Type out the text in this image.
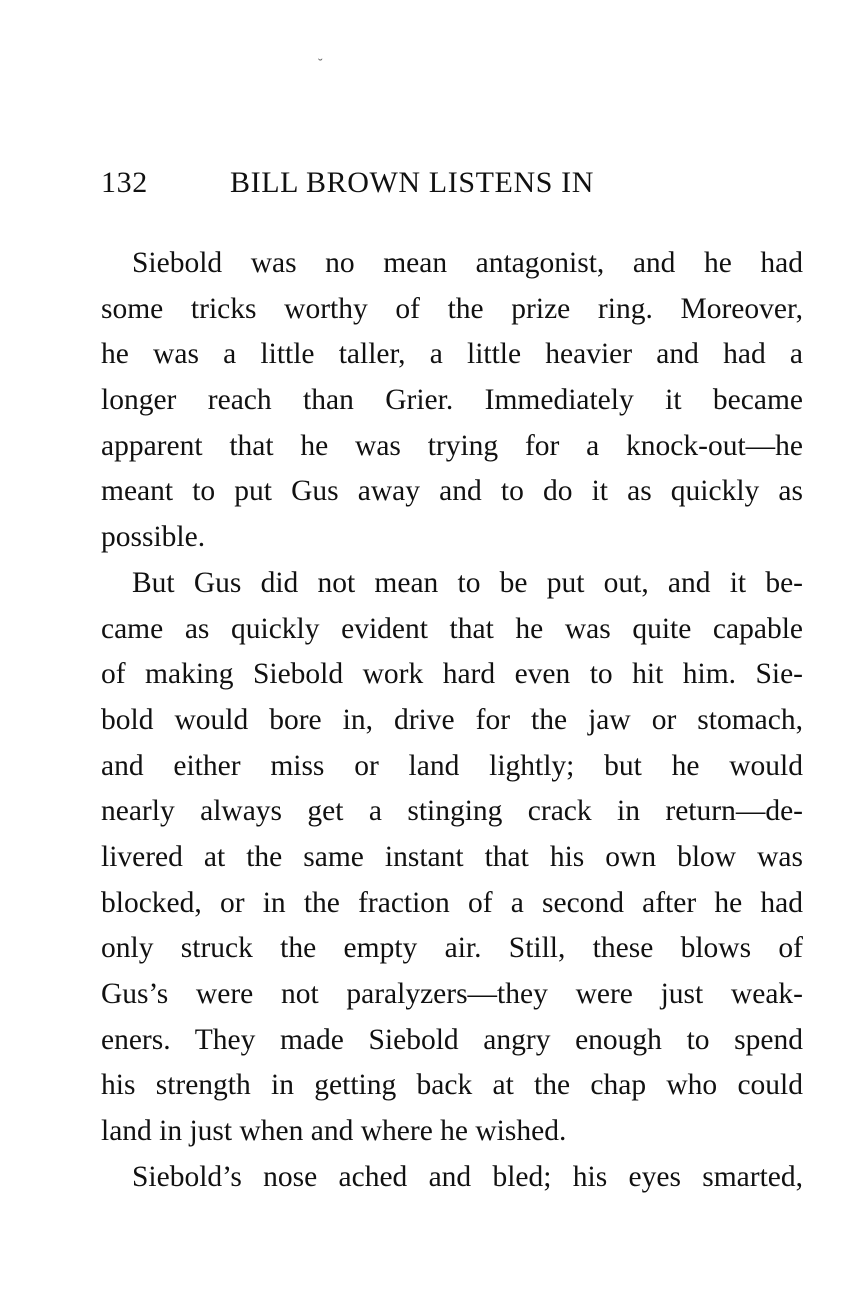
˘
132	BILL BROWN LISTENS IN
Siebold was no mean antagonist, and he had
some tricks worthy of the prize ring. Moreover,
he was a little taller, a little heavier and had a
longer reach than Grier. Immediately it became
apparent that he was trying for a knock-out—he
meant to put Gus away and to do it as quickly as
possible.
But Gus did not mean to be put out, and it be-
came as quickly evident that he was quite capable
of making Siebold work hard even to hit him. Sie-
bold would bore in, drive for the jaw or stomach,
and either miss or land lightly; but he would
nearly always get a stinging crack in return—de-
livered at the same instant that his own blow was
blocked, or in the fraction of a second after he had
only struck the empty air. Still, these blows of
Gus’s were not paralyzers—they were just weak-
eners. They made Siebold angry enough to spend
his strength in getting back at the chap who could
land in just when and where he wished.
Siebold’s nose ached and bled; his eyes smarted,
